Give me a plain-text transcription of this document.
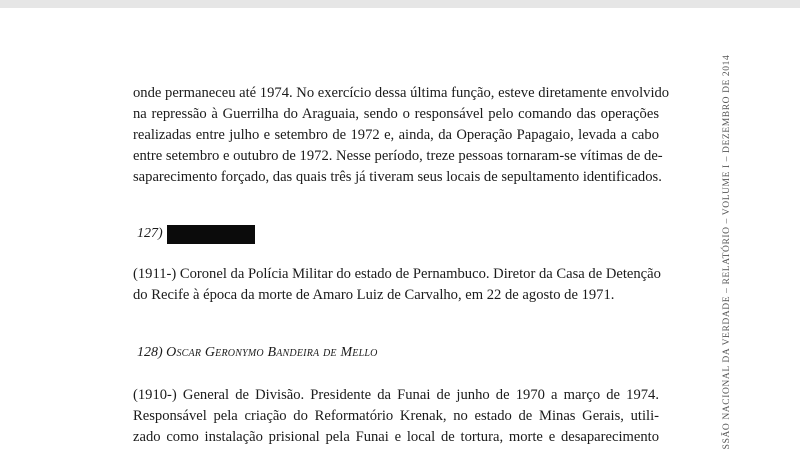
onde permaneceu até 1974. No exercício dessa última função, esteve diretamente envolvido
na repressão à Guerrilha do Araguaia, sendo o responsável pelo comando das operações
realizadas entre julho e setembro de 1972 e, ainda, da Operação Papagaio, levada a cabo
entre setembro e outubro de 1972. Nesse período, treze pessoas tornaram-se vítimas de de-
saparecimento forçado, das quais três já tiveram seus locais de sepultamento identificados.

127)

(1911-) Coronel da Polícia Militar do estado de Pernambuco. Diretor da Casa de Detenção
do Recife à época da morte de Amaro Luiz de Carvalho, em 22 de agosto de 1971.

128) Oscar Geronymo Bandeira de Mello

(1910-) General de Divisão. Presidente da Funai de junho de 1970 a março de 1974.
Responsável pela criação do Reformatório Krenak, no estado de Minas Gerais, utili-
zado como instalação prisional pela Funai e local de tortura, morte e desaparecimento	SSÃO NACIONAL DA VERDADE – RELATÓRIO – VOLUME I – DEZEMBRO DE 2014
